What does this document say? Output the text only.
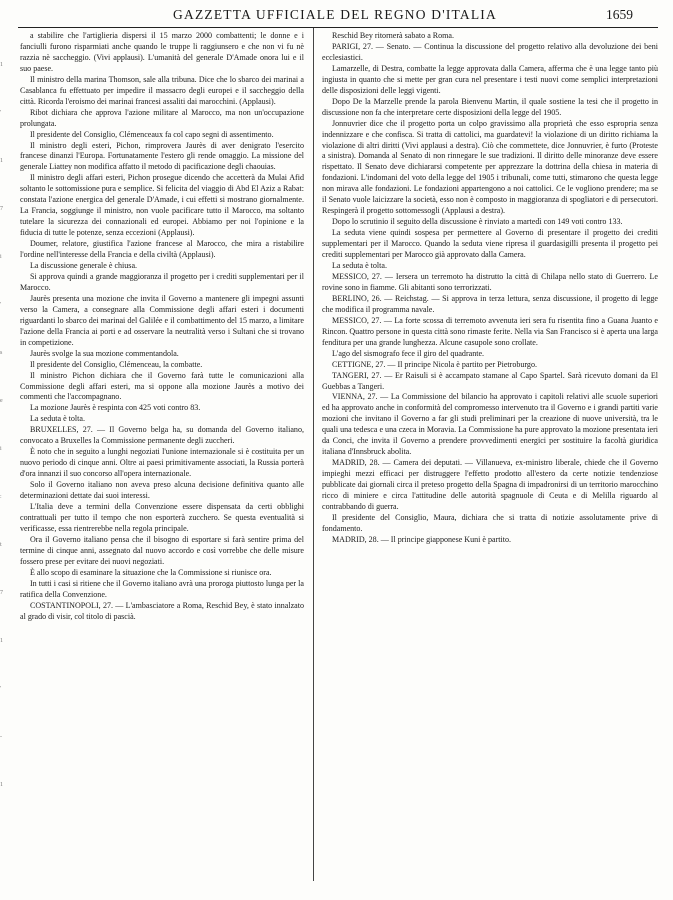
GAZZETTA UFFICIALE DEL REGNO D'ITALIA	1659
1
'
1
7
i
'
s
e
i
:
t
7
1
'
-
1

a stabilire che l'artiglieria dispersi il 15 marzo 2000 combattenti; le donne e i fanciulli furono risparmiati anche quando le truppe li raggiunsero e che non vi fu nè razzia nè saccheggio. (Vivi applausi). L'umanità del generale D'Amade onora lui e il suo paese.

Il ministro della marina Thomson, sale alla tribuna. Dice che lo sbarco dei marinai a Casablanca fu effettuato per impedire il massacro degli europei e il saccheggio della città. Ricorda l'eroismo dei marinai francesi assaliti dai marocchini. (Applausi).

Ribot dichiara che approva l'azione militare al Marocco, ma non un'occupazione prolungata.

Il presidente del Consiglio, Clémenceaux fa col capo segni di assentimento.

Il ministro degli esteri, Pichon, rimprovera Jaurès di aver denigrato l'esercito francese dinanzi l'Europa. Fortunatamente l'estero gli rende omaggio. La missione del generale Liattey non modifica affatto il metodo di pacificazione degli chaouias.

Il ministro degli affari esteri, Pichon prosegue dicendo che accetterà da Mulai Afid soltanto le sottomissione pura e semplice. Si felicita del viaggio di Abd El Aziz a Rabat: constata l'azione energica del generale D'Amade, i cui effetti si mostrano giornalmente. La Francia, soggiunge il ministro, non vuole pacificare tutto il Marocco, ma soltanto tutelare la sicurezza dei connazionali ed europei. Abbiamo per noi l'opinione e la fiducia di tutte le potenze, senza eccezioni (Applausi).

Doumer, relatore, giustifica l'azione francese al Marocco, che mira a ristabilire l'ordine nell'interesse della Francia e della civiltà (Applausi).

La discussione generale è chiusa.

Si approva quindi a grande maggioranza il progetto per i crediti supplementari per il Marocco.

Jaurès presenta una mozione che invita il Governo a mantenere gli impegni assunti verso la Camera, a consegnare alla Commissione degli affari esteri i documenti riguardanti lo sbarco dei marinai del Galilée e il combattimento del 15 marzo, a limitare l'azione della Francia ai porti e ad osservare la neutralità verso i Sultani che si trovano in competizione.

Jaurès svolge la sua mozione commentandola.

Il presidente del Consiglio, Clémenceau, la combatte.

Il ministro Pichon dichiara che il Governo farà tutte le comunicazioni alla Commissione degli affari esteri, ma si oppone alla mozione Jaurès a motivo dei commenti che l'accompagnano.

La mozione Jaurès è respinta con 425 voti contro 83.

La seduta è tolta.

BRUXELLES, 27. — Il Governo belga ha, su domanda del Governo italiano, convocato a Bruxelles la Commissione permanente degli zuccheri.

È noto che in seguito a lunghi negoziati l'unione internazionale si è costituita per un nuovo periodo di cinque anni. Oltre ai paesi primitivamente associati, la Russia porterà d'ora innanzi il suo concorso all'opera internazionale.

Solo il Governo italiano non aveva preso alcuna decisione definitiva quanto alle determinazioni dettate dai suoi interessi.

L'Italia deve a termini della Convenzione essere dispensata da certi obblighi contrattuali per tutto il tempo che non esporterà zucchero. Se questa eventualità si verificasse, essa rientrerebbe nella regola principale.

Ora il Governo italiano pensa che il bisogno di esportare si farà sentire prima del termine di cinque anni, assegnato dal nuovo accordo e così vorrebbe che delle misure fossero prese per evitare dei nuovi negoziati.

È allo scopo di esaminare la situazione che la Commissione si riunisce ora.

In tutti i casi si ritiene che il Governo italiano avrà una proroga piuttosto lunga per la ratifica della Convenzione.

COSTANTINOPOLI, 27. — L'ambasciatore a Roma, Reschid Bey, è stato innalzato al grado di visir, col titolo di pascià.

Reschid Bey ritornerà sabato a Roma.

PARIGI, 27. — Senato. — Continua la discussione del progetto relativo alla devoluzione dei beni ecclesiastici.

Lamarzelle, di Destra, combatte la legge approvata dalla Camera, afferma che è una legge tanto più ingiusta in quanto che si mette per gran cura nel presentare i testi nuovi come semplici interpretazioni delle disposizioni delle leggi vigenti.

Dopo De la Marzelle prende la parola Bienvenu Martin, il quale sostiene la tesi che il progetto in discussione non fa che interpretare certe disposizioni della legge del 1905.

Jonnuvrier dice che il progetto porta un colpo gravissimo alla proprietà che esso espropria senza indennizzare e che confisca. Si tratta di cattolici, ma guardatevi! la violazione di un diritto richiama la violazione di altri diritti (Vivi applausi a destra). Ciò che commettete, dice Jonnuvrier, è furto (Proteste a sinistra). Domanda al Senato di non rinnegare le sue tradizioni. Il diritto delle minoranze deve essere rispettato. Il Senato deve dichiararsi competente per apprezzare la dottrina della chiesa in materia di fondazioni. L'indomani del voto della legge del 1905 i tribunali, come tutti, stimarono che questa legge non mirava alle fondazioni. Le fondazioni appartengono a noi cattolici. Ce le vogliono prendere; ma se il Senato vuole laicizzare la società, esso non è composto in maggioranza di spogliatori e di persecutori. Respingerà il progetto sottomessogli (Applausi a destra).

Dopo lo scrutinio il seguito della discussione è rinviato a martedì con 149 voti contro 133.

La seduta viene quindi sospesa per permettere al Governo di presentare il progetto dei crediti supplementari per il Marocco. Quando la seduta viene ripresa il guardasigilli presenta il progetto pei crediti supplementari per Marocco già approvato dalla Camera.

La seduta è tolta.

MESSICO, 27. — Iersera un terremoto ha distrutto la città di Chilapa nello stato di Guerrero. Le rovine sono in fiamme. Gli abitanti sono terrorizzati.

BERLINO, 26. — Reichstag. — Si approva in terza lettura, senza discussione, il progetto di legge che modifica il programma navale.

MESSICO, 27. — La forte scossa di terremoto avvenuta ieri sera fu risentita fino a Guana Juanto e Rincon. Quattro persone in questa città sono rimaste ferite. Nella via San Francisco si è aperta una larga fenditura per una grande lunghezza. Alcune casupole sono crollate.

L'ago del sismografo fece il giro del quadrante.

CETTIGNE, 27. — Il principe Nicola è partito per Pietroburgo.

TANGERI, 27. — Er Raisuli si è accampato stamane al Capo Spartel. Sarà ricevuto domani da El Guebbas a Tangeri.

VIENNA, 27. — La Commissione del bilancio ha approvato i capitoli relativi alle scuole superiori ed ha approvato anche in conformità del compromesso intervenuto tra il Governo e i grandi partiti varie mozioni che invitano il Governo a far gli studi preliminari per la creazione di nuove università, tra le quali una tedesca e una czeca in Moravia. La Commissione ha pure approvato la mozione presentata ieri da Conci, che invita il Governo a prendere provvedimenti energici per sostituire la facoltà giuridica italiana d'Innsbruck abolita.

MADRID, 28. — Camera dei deputati. — Villanueva, ex-ministro liberale, chiede che il Governo impieghi mezzi efficaci per distruggere l'effetto prodotto all'estero da certe notizie tendenziose pubblicate dai giornali circa il preteso progetto della Spagna di impadronirsi di un territorio marocchino ricco di miniere e circa l'attitudine delle autorità spagnuole di Ceuta e di Melilla riguardo al contrabbando di guerra.

Il presidente del Consiglio, Maura, dichiara che si tratta di notizie assolutamente prive di fondamento.

MADRID, 28. — Il principe giapponese Kuni è partito.
